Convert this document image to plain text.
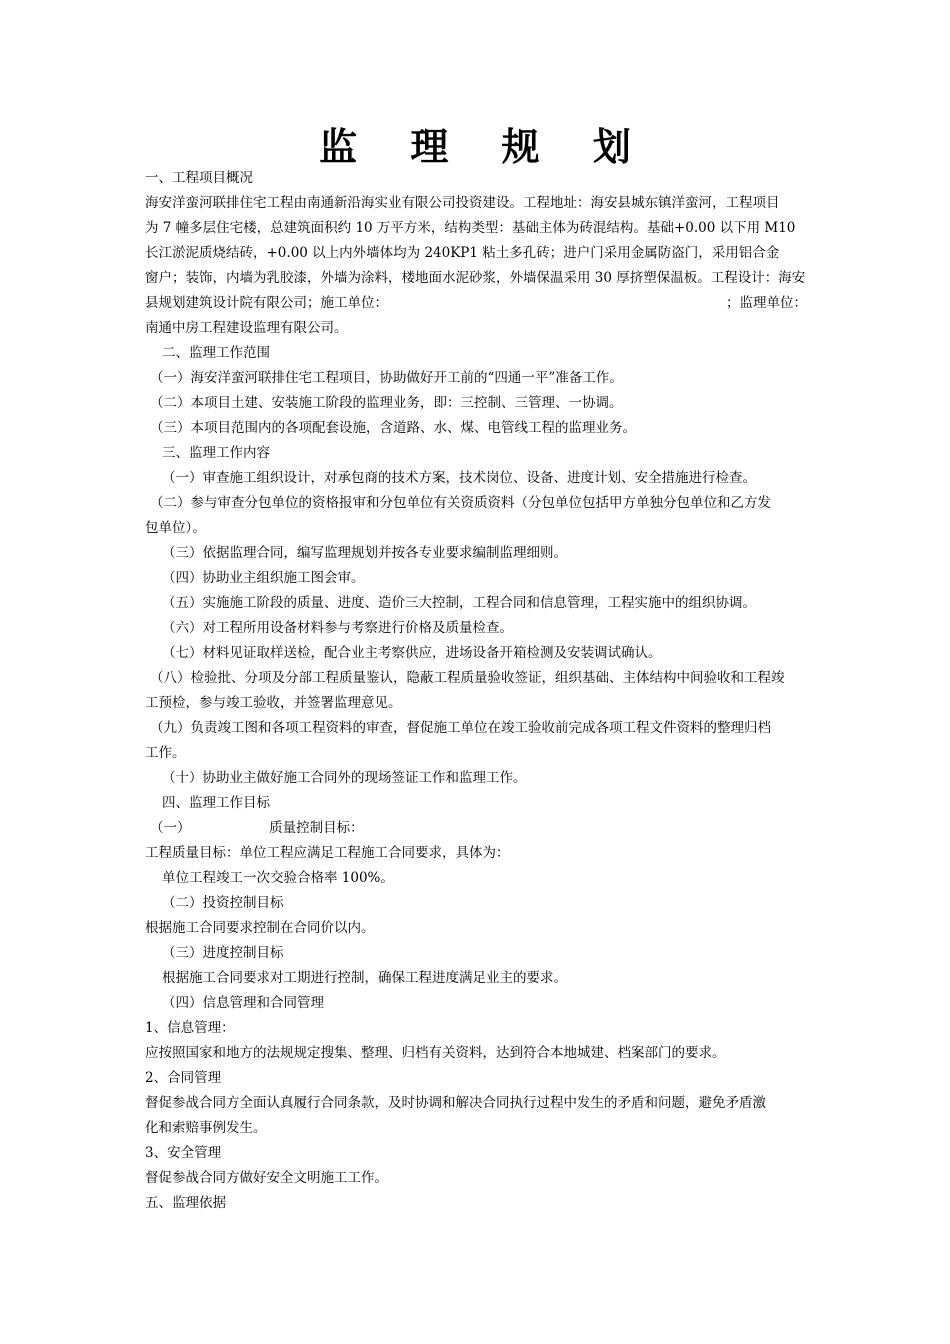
监 理 规 划
一、工程项目概况
海安洋蛮河联排住宅工程由南通新沿海实业有限公司投资建设。工程地址：海安县城东镇洋蛮河，工程项目
为 7 幢多层住宅楼，总建筑面积约 10 万平方米，结构类型：基础主体为砖混结构。基础+0.00 以下用 M10
长江淤泥质烧结砖，+0.00 以上内外墙体均为 240KP1 粘土多孔砖；进户门采用金属防盗门，采用铝合金
窗户；装饰，内墙为乳胶漆，外墙为涂料，楼地面水泥砂浆，外墙保温采用 30 厚挤塑保温板。工程设计：海安
县规划建筑设计院有限公司；施工单位：	；监理单位：
南通中房工程建设监理有限公司。
二、监理工作范围
（一）海安洋蛮河联排住宅工程项目，协助做好开工前的“四通一平”准备工作。
（二）本项目土建、安装施工阶段的监理业务，即：三控制、三管理、一协调。
（三）本项目范围内的各项配套设施，含道路、水、煤、电管线工程的监理业务。
三、监理工作内容
（一）审查施工组织设计，对承包商的技术方案，技术岗位、设备、进度计划、安全措施进行检查。
（二）参与审查分包单位的资格报审和分包单位有关资质资料（分包单位包括甲方单独分包单位和乙方发
包单位）。
（三）依据监理合同，编写监理规划并按各专业要求编制监理细则。
（四）协助业主组织施工图会审。
（五）实施施工阶段的质量、进度、造价三大控制，工程合同和信息管理，工程实施中的组织协调。
（六）对工程所用设备材料参与考察进行价格及质量检查。
（七）材料见证取样送检，配合业主考察供应，进场设备开箱检测及安装调试确认。
（八）检验批、分项及分部工程质量鉴认，隐蔽工程质量验收签证，组织基础、主体结构中间验收和工程竣
工预检，参与竣工验收，并签署监理意见。
（九）负责竣工图和各项工程资料的审查，督促施工单位在竣工验收前完成各项工程文件资料的整理归档
工作。
（十）协助业主做好施工合同外的现场签证工作和监理工作。
四、监理工作目标
（一）	质量控制目标：
工程质量目标：单位工程应满足工程施工合同要求，具体为：
单位工程竣工一次交验合格率 100%。
（二）投资控制目标
根据施工合同要求控制在合同价以内。
（三）进度控制目标
根据施工合同要求对工期进行控制，确保工程进度满足业主的要求。
（四）信息管理和合同管理
1、信息管理：
应按照国家和地方的法规规定搜集、整理、归档有关资料，达到符合本地城建、档案部门的要求。
2、合同管理
督促参战合同方全面认真履行合同条款，及时协调和解决合同执行过程中发生的矛盾和问题，避免矛盾激
化和索赔事例发生。
3、安全管理
督促参战合同方做好安全文明施工工作。
五、监理依据
